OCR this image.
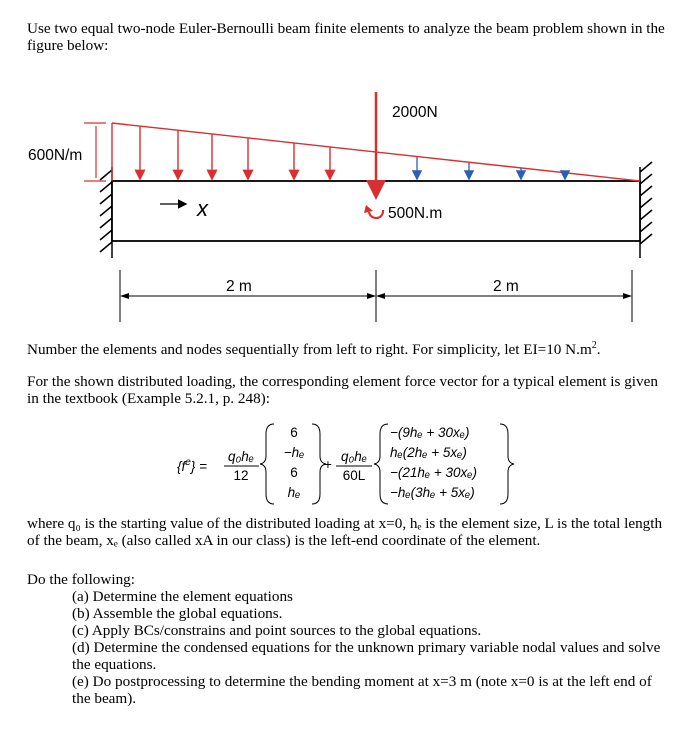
Use two equal two-node Euler-Bernoulli beam finite elements to analyze the beam problem shown in the figure below:
600N/m
2000N
500N.m
x
2 m	2 m
Number the elements and nodes sequentially from left to right. For simplicity, let EI=10 $N.m^2$.
For the shown distributed loading, the corresponding element force vector for a typical element is given in the textbook (Example 5.2.1, p. 248):
$\{f^e\}$ =
q₀hₑ
12
6
−hₑ
6
hₑ
+
q₀hₑ
60L
−(9hₑ + 30xₑ)
hₑ(2hₑ + 5xₑ)
−(21hₑ + 30xₑ)
−hₑ(3hₑ + 5xₑ)
where q₀ is the starting value of the distributed loading at x=0, hₑ is the element size, L is the total length of the beam, xₑ (also called xA in our class) is the left-end coordinate of the element.
Do the following:
(a) Determine the element equations
(b) Assemble the global equations.
(c) Apply BCs/constrains and point sources to the global equations.
(d) Determine the condensed equations for the unknown primary variable nodal values and solve the equations.
(e) Do postprocessing to determine the bending moment at x=3 m (note x=0 is at the left end of the beam).
